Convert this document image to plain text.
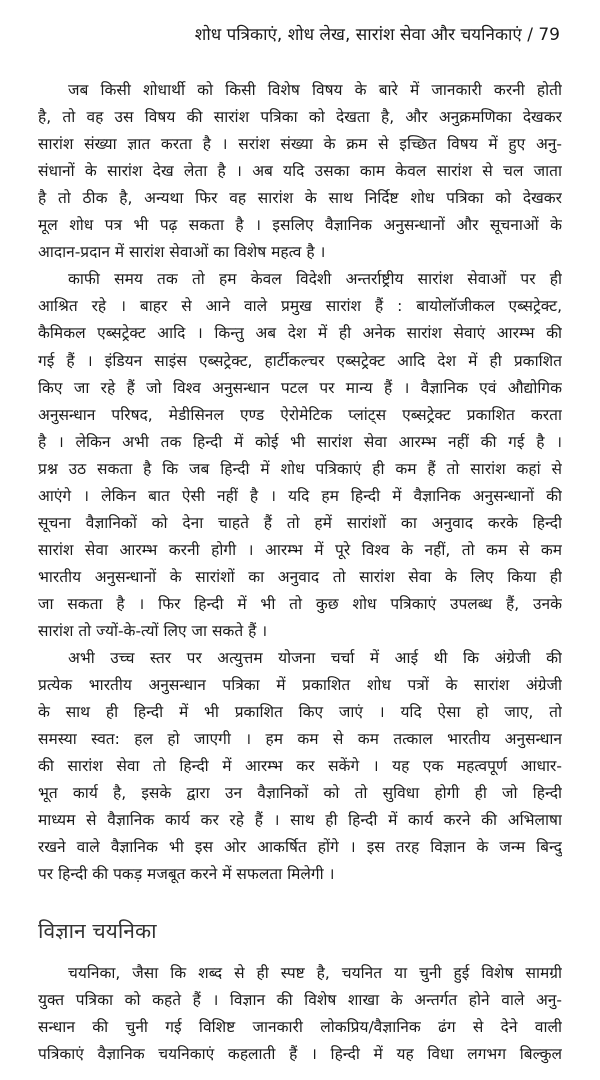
शोध पत्रिकाएं, शोध लेख, सारांश सेवा और चयनिकाएं / 79
जब किसी शोधार्थी को किसी विशेष विषय के बारे में जानकारी करनी होती
है, तो वह उस विषय की सारांश पत्रिका को देखता है, और अनुक्रमणिका देखकर
सारांश संख्या ज्ञात करता है । सरांश संख्या के क्रम से इच्छित विषय में हुए अनु-
संधानों के सारांश देख लेता है । अब यदि उसका काम केवल सारांश से चल जाता
है तो ठीक है, अन्यथा फिर वह सारांश के साथ निर्दिष्ट शोध पत्रिका को देखकर
मूल शोध पत्र भी पढ़ सकता है । इसलिए वैज्ञानिक अनुसन्धानों और सूचनाओं के
आदान-प्रदान में सारांश सेवाओं का विशेष महत्व है ।
काफी समय तक तो हम केवल विदेशी अन्तर्राष्ट्रीय सारांश सेवाओं पर ही
आश्रित रहे । बाहर से आने वाले प्रमुख सारांश हैं : बायोलॉजीकल एब्सट्रेक्ट,
कैमिकल एब्सट्रेक्ट आदि । किन्तु अब देश में ही अनेक सारांश सेवाएं आरम्भ की
गई हैं । इंडियन साइंस एब्सट्रेक्ट, हार्टीकल्चर एब्सट्रेक्ट आदि देश में ही प्रकाशित
किए जा रहे हैं जो विश्व अनुसन्धान पटल पर मान्य हैं । वैज्ञानिक एवं औद्योगिक
अनुसन्धान परिषद, मेडीसिनल एण्ड ऐरोमेटिक प्लांट्स एब्सट्रेक्ट प्रकाशित करता
है । लेकिन अभी तक हिन्दी में कोई भी सारांश सेवा आरम्भ नहीं की गई है ।
प्रश्न उठ सकता है कि जब हिन्दी में शोध पत्रिकाएं ही कम हैं तो सारांश कहां से
आएंगे । लेकिन बात ऐसी नहीं है । यदि हम हिन्दी में वैज्ञानिक अनुसन्धानों की
सूचना वैज्ञानिकों को देना चाहते हैं तो हमें सारांशों का अनुवाद करके हिन्दी
सारांश सेवा आरम्भ करनी होगी । आरम्भ में पूरे विश्व के नहीं, तो कम से कम
भारतीय अनुसन्धानों के सारांशों का अनुवाद तो सारांश सेवा के लिए किया ही
जा सकता है । फिर हिन्दी में भी तो कुछ शोध पत्रिकाएं उपलब्ध हैं, उनके
सारांश तो ज्यों-के-त्यों लिए जा सकते हैं ।
अभी उच्च स्तर पर अत्युत्तम योजना चर्चा में आई थी कि अंग्रेजी की
प्रत्येक भारतीय अनुसन्धान पत्रिका में प्रकाशित शोध पत्रों के सारांश अंग्रेजी
के साथ ही हिन्दी में भी प्रकाशित किए जाएं । यदि ऐसा हो जाए, तो
समस्या स्वत: हल हो जाएगी । हम कम से कम तत्काल भारतीय अनुसन्धान
की सारांश सेवा तो हिन्दी में आरम्भ कर सकेंगे । यह एक महत्वपूर्ण आधार-
भूत कार्य है, इसके द्वारा उन वैज्ञानिकों को तो सुविधा होगी ही जो हिन्दी
माध्यम से वैज्ञानिक कार्य कर रहे हैं । साथ ही हिन्दी में कार्य करने की अभिलाषा
रखने वाले वैज्ञानिक भी इस ओर आकर्षित होंगे । इस तरह विज्ञान के जन्म बिन्दु
पर हिन्दी की पकड़ मजबूत करने में सफलता मिलेगी ।
विज्ञान चयनिका
चयनिका, जैसा कि शब्द से ही स्पष्ट है, चयनित या चुनी हुई विशेष सामग्री
युक्त पत्रिका को कहते हैं । विज्ञान की विशेष शाखा के अन्तर्गत होने वाले अनु-
सन्धान की चुनी गई विशिष्ट जानकारी लोकप्रिय/वैज्ञानिक ढंग से देने वाली
पत्रिकाएं वैज्ञानिक चयनिकाएं कहलाती हैं । हिन्दी में यह विधा लगभग बिल्कुल
